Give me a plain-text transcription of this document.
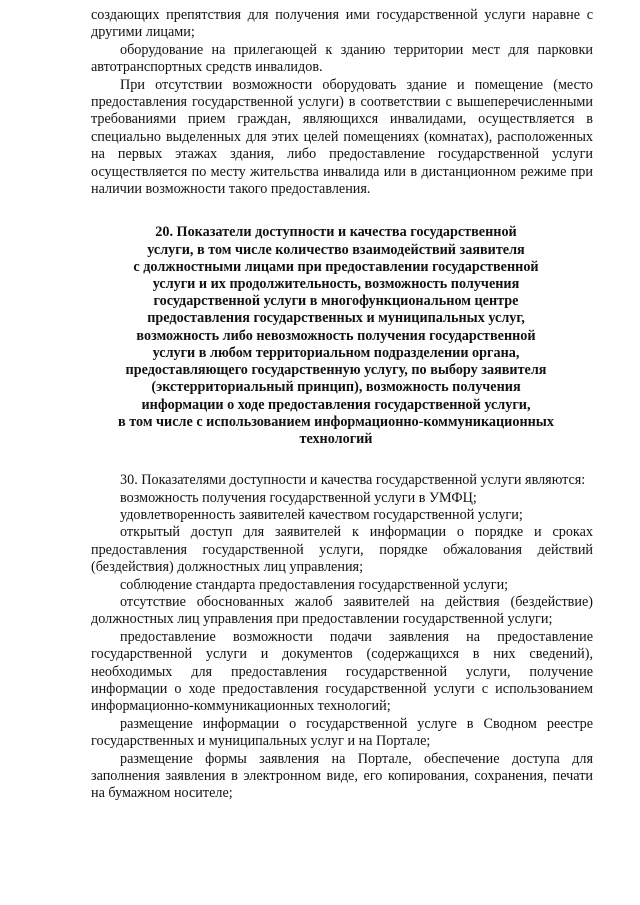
создающих препятствия для получения ими государственной услуги наравне с другими лицами;

оборудование на прилегающей к зданию территории мест для парковки автотранспортных средств инвалидов.

При отсутствии возможности оборудовать здание и помещение (место предоставления государственной услуги) в соответствии с вышеперечисленными требованиями прием граждан, являющихся инвалидами, осуществляется в специально выделенных для этих целей помещениях (комнатах), расположенных на первых этажах здания, либо предоставление государственной услуги осуществляется по месту жительства инвалида или в дистанционном режиме при наличии возможности такого предоставления.

20. Показатели доступности и качества государственной
услуги, в том числе количество взаимодействий заявителя
с должностными лицами при предоставлении государственной
услуги и их продолжительность, возможность получения
государственной услуги в многофункциональном центре
предоставления государственных и муниципальных услуг,
возможность либо невозможность получения государственной
услуги в любом территориальном подразделении органа,
предоставляющего государственную услугу, по выбору заявителя
(экстерриториальный принцип), возможность получения
информации о ходе предоставления государственной услуги,
в том числе с использованием информационно-коммуникационных
технологий

30. Показателями доступности и качества государственной услуги являются:

возможность получения государственной услуги в УМФЦ;

удовлетворенность заявителей качеством государственной услуги;

открытый доступ для заявителей к информации о порядке и сроках предоставления государственной услуги, порядке обжалования действий (бездействия) должностных лиц управления;

соблюдение стандарта предоставления государственной услуги;

отсутствие обоснованных жалоб заявителей на действия (бездействие) должностных лиц управления при предоставлении государственной услуги;

предоставление возможности подачи заявления на предоставление государственной услуги и документов (содержащихся в них сведений), необходимых для предоставления государственной услуги, получение информации о ходе предоставления государственной услуги с использованием информационно-коммуникационных технологий;

размещение информации о государственной услуге в Сводном реестре государственных и муниципальных услуг и на Портале;

размещение формы заявления на Портале, обеспечение доступа для заполнения заявления в электронном виде, его копирования, сохранения, печати на бумажном носителе;
